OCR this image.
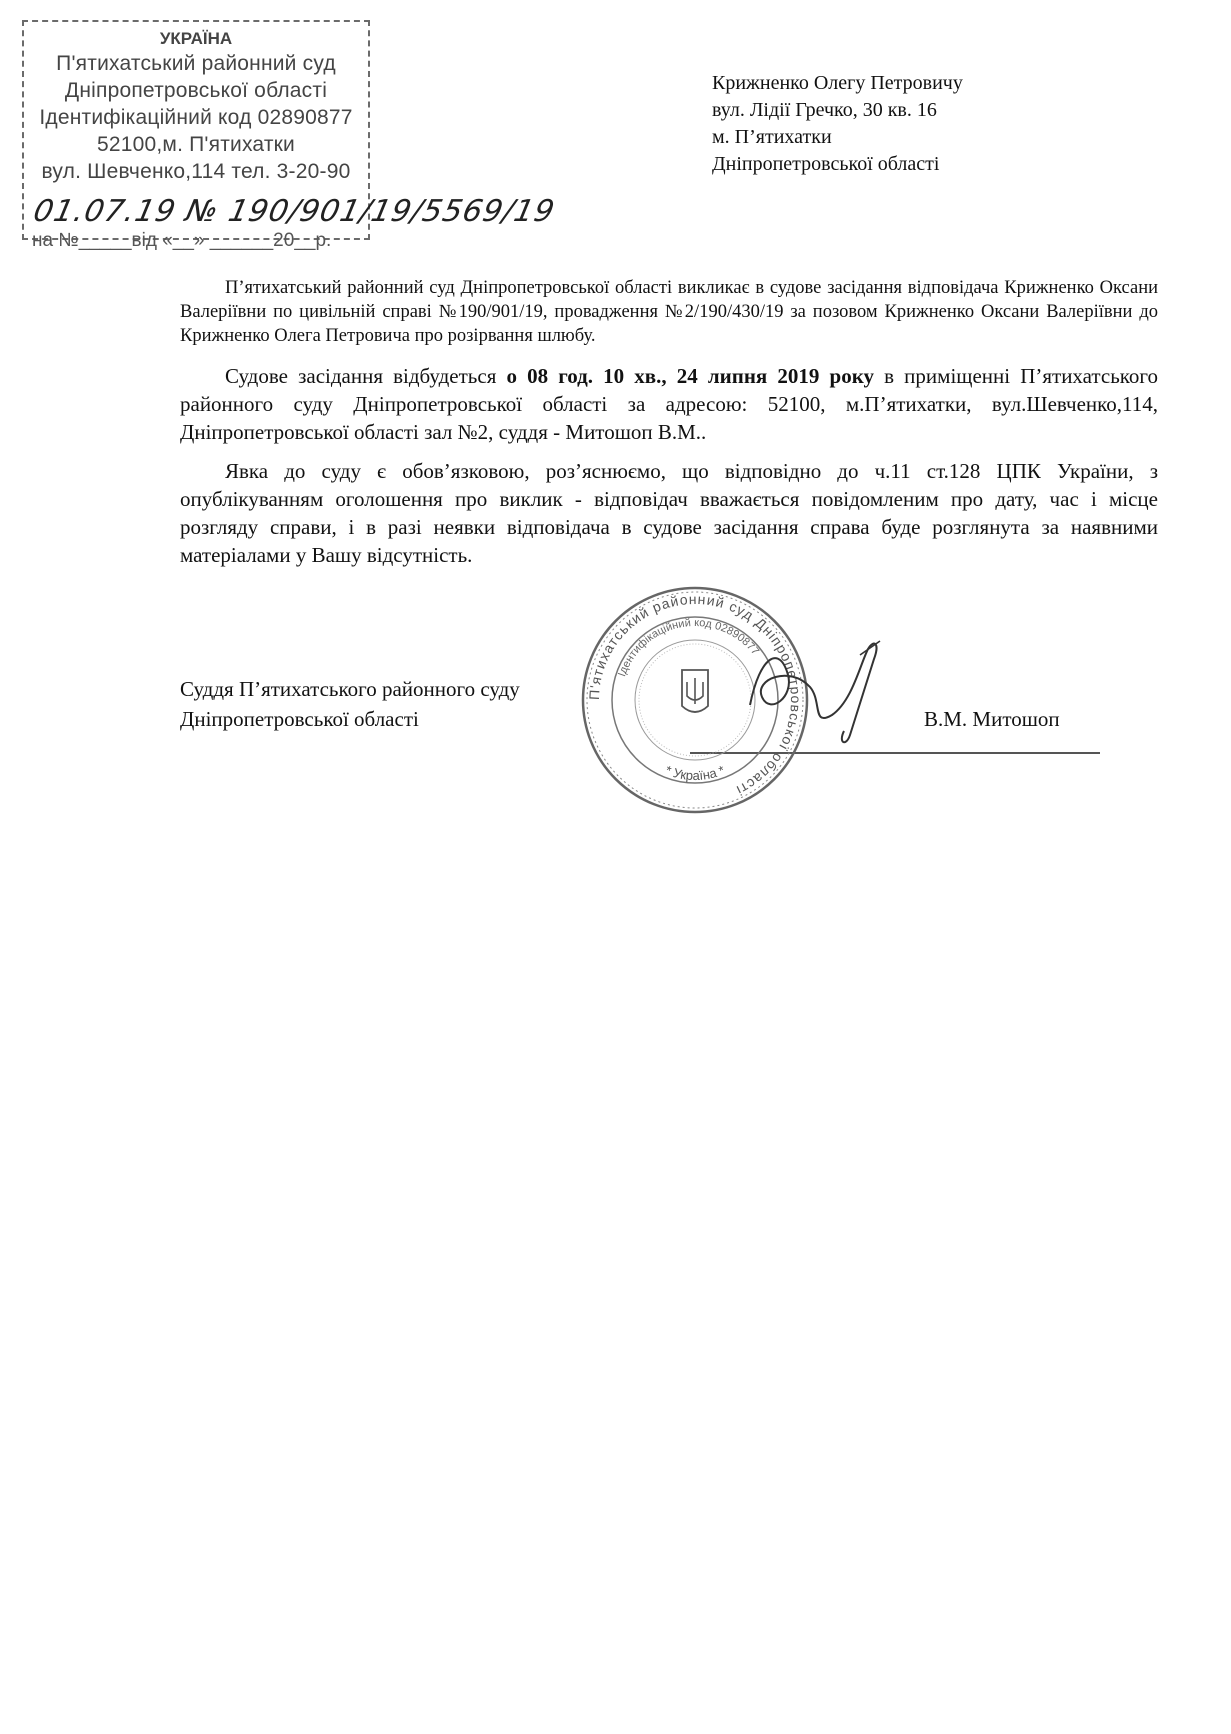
УКРАЇНА
П'ятихатський районний суд
Дніпропетровської області
Ідентифікаційний код 02890877
52100,м. П'ятихатки
вул. Шевченко,114 тел. 3-20-90
01.07.19 № 190/901/19/5569/19
на №_____від «__» ______20__р.
Крижненко Олегу Петровичу
вул. Лідії Гречко, 30 кв. 16
м. П’ятихатки
Дніпропетровської області

П’ятихатський районний суд Дніпропетровської області викликає в судове засідання відповідача Крижненко Оксани Валеріївни по цивільній справі №190/901/19, провадження №2/190/430/19 за позовом Крижненко Оксани Валеріївни до Крижненко Олега Петровича про розірвання шлюбу.

Судове засідання відбудеться о 08 год. 10 хв., 24 липня 2019 року в приміщенні П’ятихатського районного суду Дніпропетровської області за адресою: 52100, м.П’ятихатки, вул.Шевченко,114, Дніпропетровської області зал №2, суддя - Митошоп В.М..

Явка до суду є обов’язковою, роз’яснюємо, що відповідно до ч.11 ст.128 ЦПК України, з опублікуванням оголошення про виклик - відповідач вважається повідомленим про дату, час і місце розгляду справи, і в разі неявки відповідача в судове засідання справа буде розглянута за наявними матеріалами у Вашу відсутність.

Суддя П’ятихатського районного суду
Дніпропетровської області	В.М. Митошоп
П'ятихатський районний суд Дніпропетровської області
Ідентифікаційний код 02890877
* Україна *
